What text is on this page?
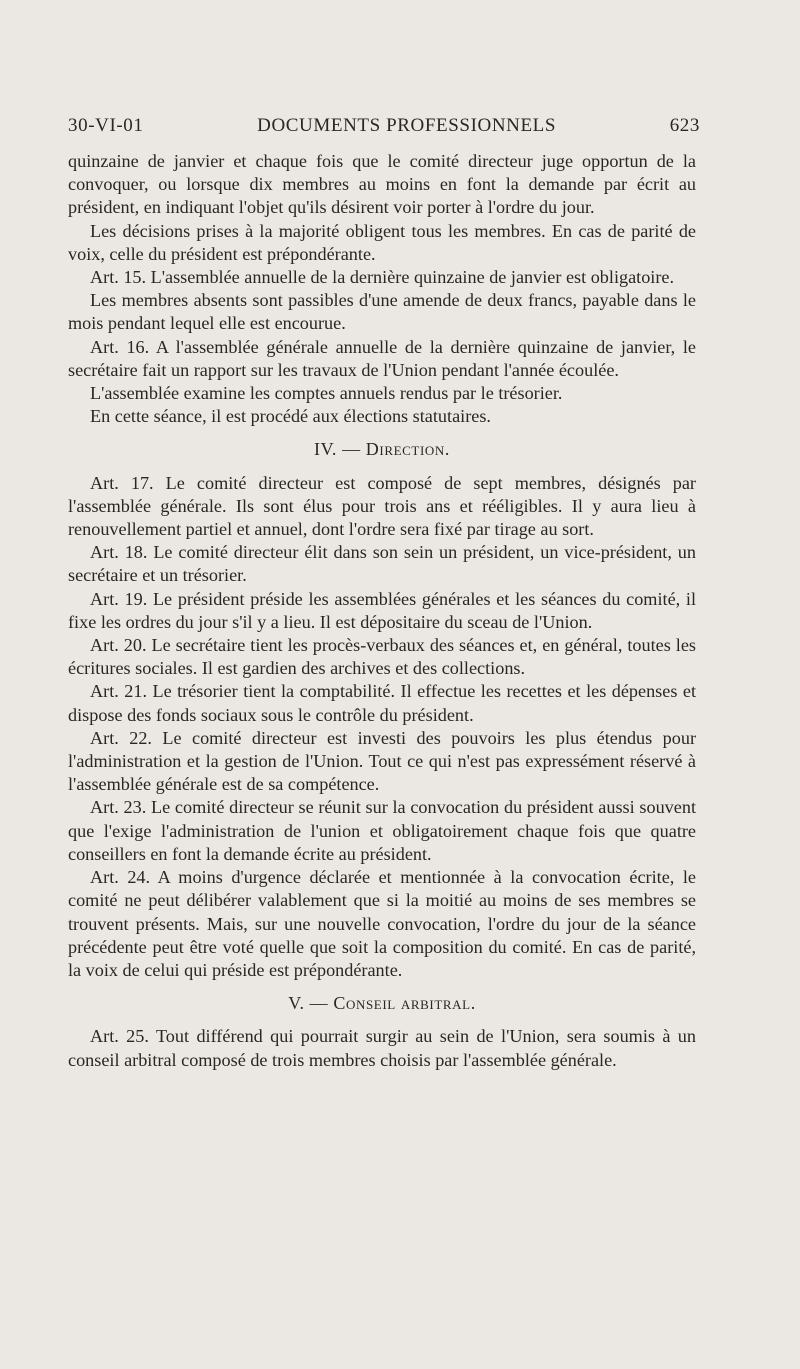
30-VI-01	DOCUMENTS PROFESSIONNELS	623

quinzaine de janvier et chaque fois que le comité directeur juge opportun de la convoquer, ou lorsque dix membres au moins en font la demande par écrit au président, en indiquant l'objet qu'ils désirent voir porter à l'ordre du jour.

Les décisions prises à la majorité obligent tous les membres. En cas de parité de voix, celle du président est prépondérante.

Art. 15. L'assemblée annuelle de la dernière quinzaine de janvier est obligatoire.

Les membres absents sont passibles d'une amende de deux francs, payable dans le mois pendant lequel elle est encourue.

Art. 16. A l'assemblée générale annuelle de la dernière quinzaine de janvier, le secrétaire fait un rapport sur les travaux de l'Union pendant l'année écoulée.

L'assemblée examine les comptes annuels rendus par le trésorier.

En cette séance, il est procédé aux élections statutaires.

IV. — Direction.

Art. 17. Le comité directeur est composé de sept membres, désignés par l'assemblée générale. Ils sont élus pour trois ans et rééligibles. Il y aura lieu à renouvellement partiel et annuel, dont l'ordre sera fixé par tirage au sort.

Art. 18. Le comité directeur élit dans son sein un président, un vice-président, un secrétaire et un trésorier.

Art. 19. Le président préside les assemblées générales et les séances du comité, il fixe les ordres du jour s'il y a lieu. Il est dépositaire du sceau de l'Union.

Art. 20. Le secrétaire tient les procès-verbaux des séances et, en général, toutes les écritures sociales. Il est gardien des archives et des collections.

Art. 21. Le trésorier tient la comptabilité. Il effectue les recettes et les dépenses et dispose des fonds sociaux sous le contrôle du président.

Art. 22. Le comité directeur est investi des pouvoirs les plus étendus pour l'administration et la gestion de l'Union. Tout ce qui n'est pas expressément réservé à l'assemblée générale est de sa compétence.

Art. 23. Le comité directeur se réunit sur la convocation du président aussi souvent que l'exige l'administration de l'union et obligatoirement chaque fois que quatre conseillers en font la demande écrite au président.

Art. 24. A moins d'urgence déclarée et mentionnée à la convocation écrite, le comité ne peut délibérer valablement que si la moitié au moins de ses membres se trouvent présents. Mais, sur une nouvelle convocation, l'ordre du jour de la séance précédente peut être voté quelle que soit la composition du comité. En cas de parité, la voix de celui qui préside est prépondérante.

V. — Conseil arbitral.

Art. 25. Tout différend qui pourrait surgir au sein de l'Union, sera soumis à un conseil arbitral composé de trois membres choisis par l'assemblée générale.
